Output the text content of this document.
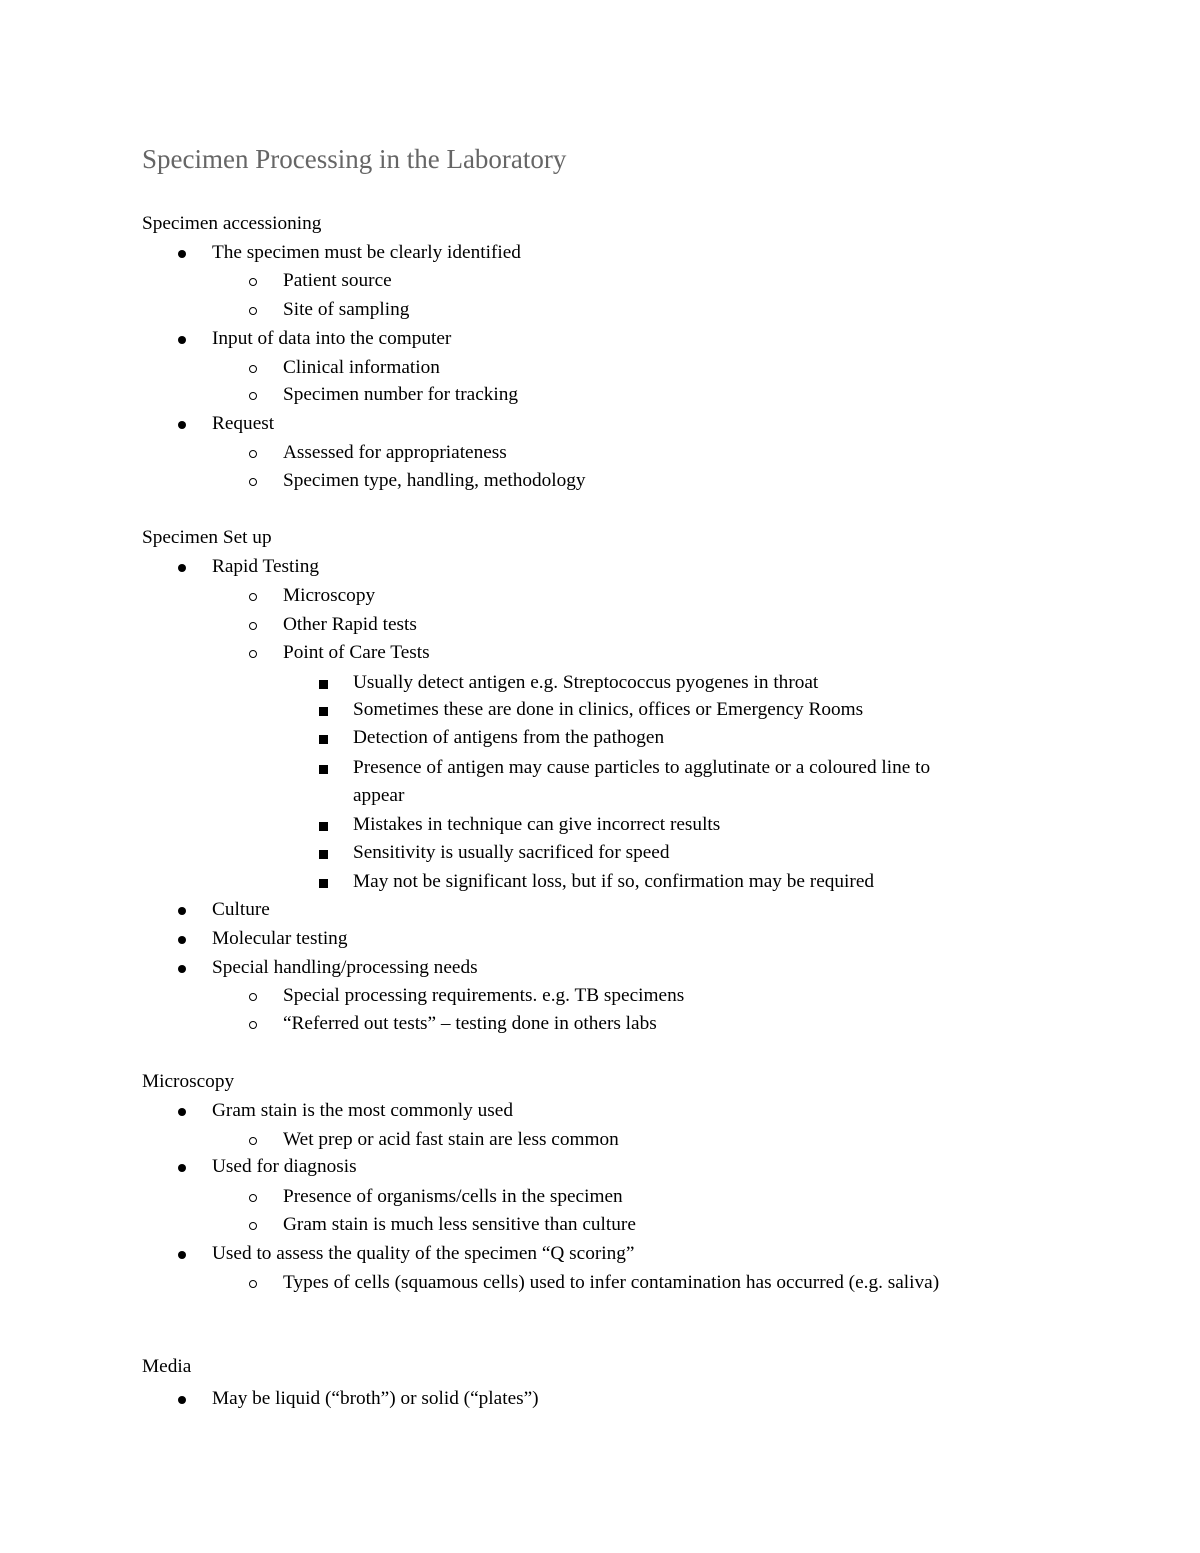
Specimen Processing in the Laboratory
Specimen accessioning
The specimen must be clearly identified
Patient source
Site of sampling
Input of data into the computer
Clinical information
Specimen number for tracking
Request
Assessed for appropriateness
Specimen type, handling, methodology
Specimen Set up
Rapid Testing
Microscopy
Other Rapid tests
Point of Care Tests
Usually detect antigen e.g. Streptococcus pyogenes in throat
Sometimes these are done in clinics, offices or Emergency Rooms
Detection of antigens from the pathogen
Presence of antigen may cause particles to agglutinate or a coloured line to
appear
Mistakes in technique can give incorrect results
Sensitivity is usually sacrificed for speed
May not be significant loss, but if so, confirmation may be required
Culture
Molecular testing
Special handling/processing needs
Special processing requirements. e.g. TB specimens
“Referred out tests” – testing done in others labs
Microscopy
Gram stain is the most commonly used
Wet prep or acid fast stain are less common
Used for diagnosis
Presence of organisms/cells in the specimen
Gram stain is much less sensitive than culture
Used to assess the quality of the specimen “Q scoring”
Types of cells (squamous cells) used to infer contamination has occurred (e.g. saliva)
Media
May be liquid (“broth”) or solid (“plates”)
